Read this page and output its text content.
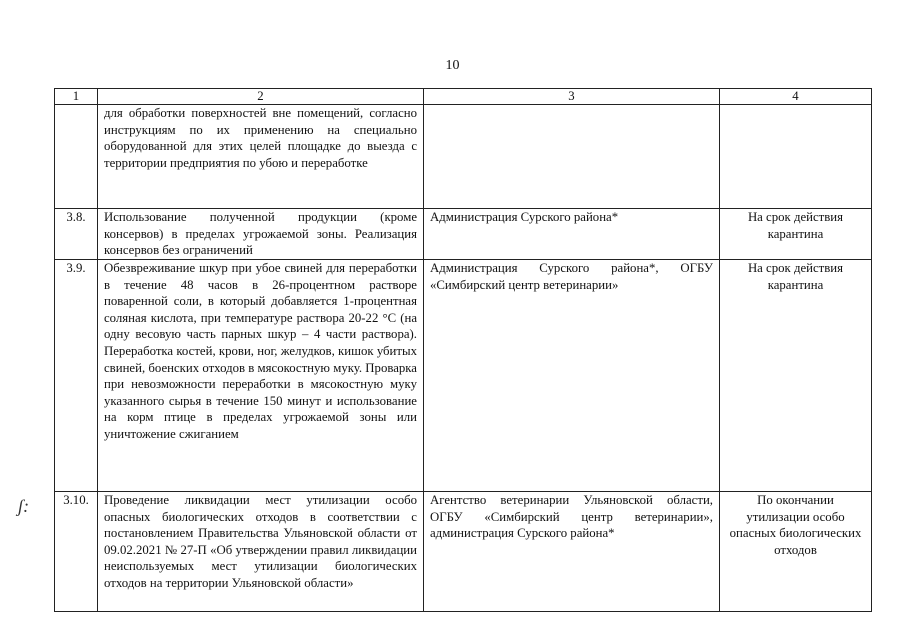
10
1	2	3	4
	для обработки поверхностей вне помещений, согласно инструкциям по их применению на специально оборудованной для этих целей площадке до выезда с территории предприятия по убою и переработке		
3.8.	Использование полученной продукции (кроме консервов) в пределах угрожаемой зоны. Реализация консервов без ограничений	Администрация Сурского района*	На срок действия карантина
3.9.	Обезвреживание шкур при убое свиней для переработки в течение 48 часов в 26-процентном растворе поваренной соли, в который добавляется 1-процентная соляная кислота, при температуре раствора 20-22 °С (на одну весовую часть парных шкур – 4 части раствора). Переработка костей, крови, ног, желудков, кишок убитых свиней, боенских отходов в мясокостную муку. Проварка при невозможности переработки в мясокостную муку указанного сырья в течение 150 минут и использование на корм птице в пределах угрожаемой зоны или уничтожение сжиганием	Администрация Сурского района*, ОГБУ «Симбирский центр ветеринарии»	На срок действия карантина
3.10.	Проведение ликвидации мест утилизации особо опасных биологических отходов в соответствии с постановлением Правительства Ульяновской области от 09.02.2021 № 27-П «Об утверждении правил ликвидации неиспользуемых мест утилизации биологических отходов на территории Ульяновской области»	Агентство ветеринарии Ульяновской области, ОГБУ «Симбирский центр ветеринарии», администрация Сурского района*	По окончании утилизации особо опасных биологических отходов
ʃ:
